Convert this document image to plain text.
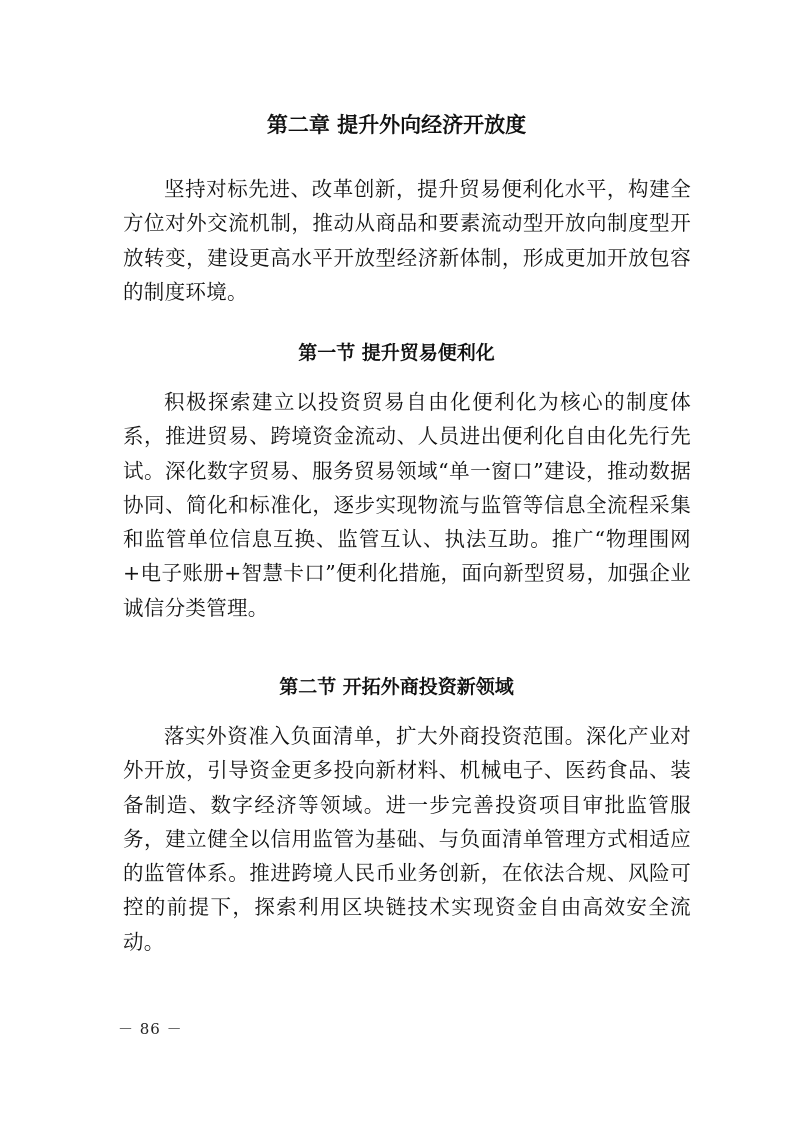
第二章 提升外向经济开放度

坚持对标先进、改革创新，提升贸易便利化水平，构建全方位对外交流机制，推动从商品和要素流动型开放向制度型开放转变，建设更高水平开放型经济新体制，形成更加开放包容的制度环境。

第一节 提升贸易便利化

积极探索建立以投资贸易自由化便利化为核心的制度体系，推进贸易、跨境资金流动、人员进出便利化自由化先行先试。深化数字贸易、服务贸易领域“单一窗口”建设，推动数据协同、简化和标准化，逐步实现物流与监管等信息全流程采集和监管单位信息互换、监管互认、执法互助。推广“物理围网+电子账册+智慧卡口”便利化措施，面向新型贸易，加强企业诚信分类管理。

第二节 开拓外商投资新领域

落实外资准入负面清单，扩大外商投资范围。深化产业对外开放，引导资金更多投向新材料、机械电子、医药食品、装备制造、数字经济等领域。进一步完善投资项目审批监管服务，建立健全以信用监管为基础、与负面清单管理方式相适应的监管体系。推进跨境人民币业务创新，在依法合规、风险可控的前提下，探索利用区块链技术实现资金自由高效安全流动。

－ 86 －
